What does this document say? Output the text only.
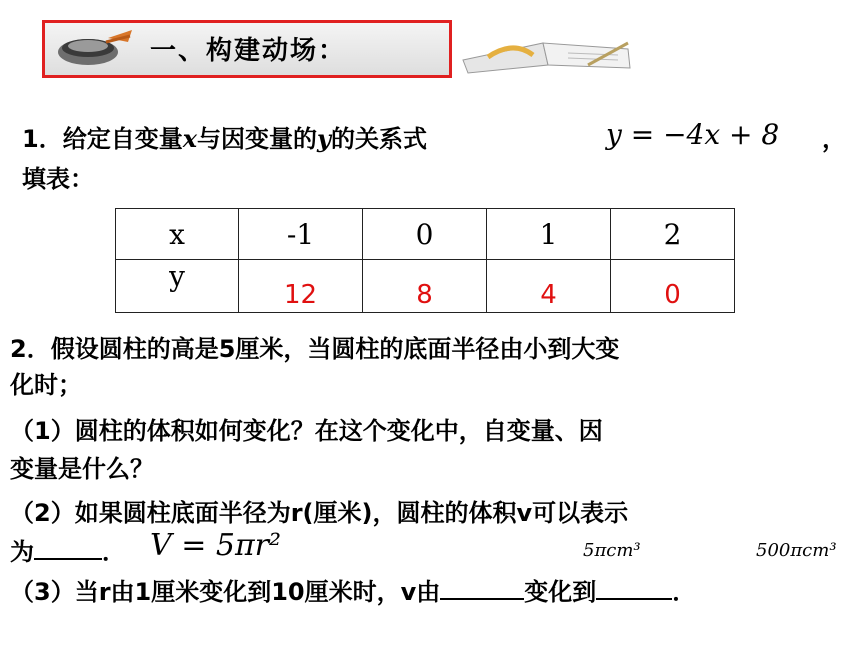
一、构建动场：
1．给定自变量x与因变量的y的关系式	y = −4x + 8 ，
填表：
x	-1	0	1	2
y	12	8	4	0
2．假设圆柱的高是5厘米，当圆柱的底面半径由小到大变
化时；
（1）圆柱的体积如何变化？在这个变化中，自变量、因
变量是什么？
（2）如果圆柱底面半径为r(厘米)，圆柱的体积v可以表示
为	． V = 5πr²	5πcm³	500πcm³
（3）当r由1厘米变化到10厘米时，v由	变化到	．
